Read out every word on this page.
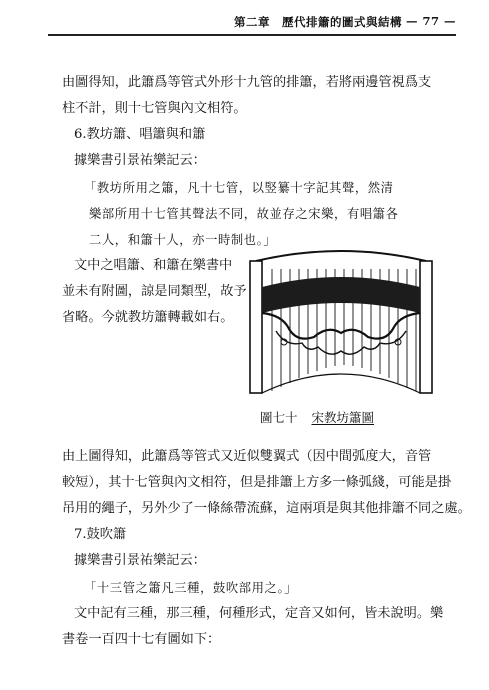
第二章　歷代排簫的圖式與結構 — 77 —
由圖得知，此簫爲等管式外形十九管的排簫，若將兩邊管視爲支
柱不計，則十七管與內文相符。
6.教坊簫、唱簫與和簫
據樂書引景祐樂記云：
「教坊所用之簫，凡十七管，以竪纂十字記其聲，然清
樂部所用十七管其聲法不同，故並存之宋樂，有唱簫各
二人，和簫十人，亦一時制也。」
文中之唱簫、和簫在樂書中
並未有附圖，諒是同類型，故予
省略。今就教坊簫轉載如右。
圖七十 宋教坊簫圖
由上圖得知，此簫爲等管式又近似雙翼式（因中間弧度大，音管
較短），其十七管與內文相符，但是排簫上方多一條弧綫，可能是掛
吊用的繩子，另外少了一條絲帶流蘇，這兩項是與其他排簫不同之處。
7.鼓吹簫
據樂書引景祐樂記云：
「十三管之簫凡三種，鼓吹部用之。」
文中記有三種，那三種，何種形式，定音又如何，皆未說明。樂
書卷一百四十七有圖如下：
